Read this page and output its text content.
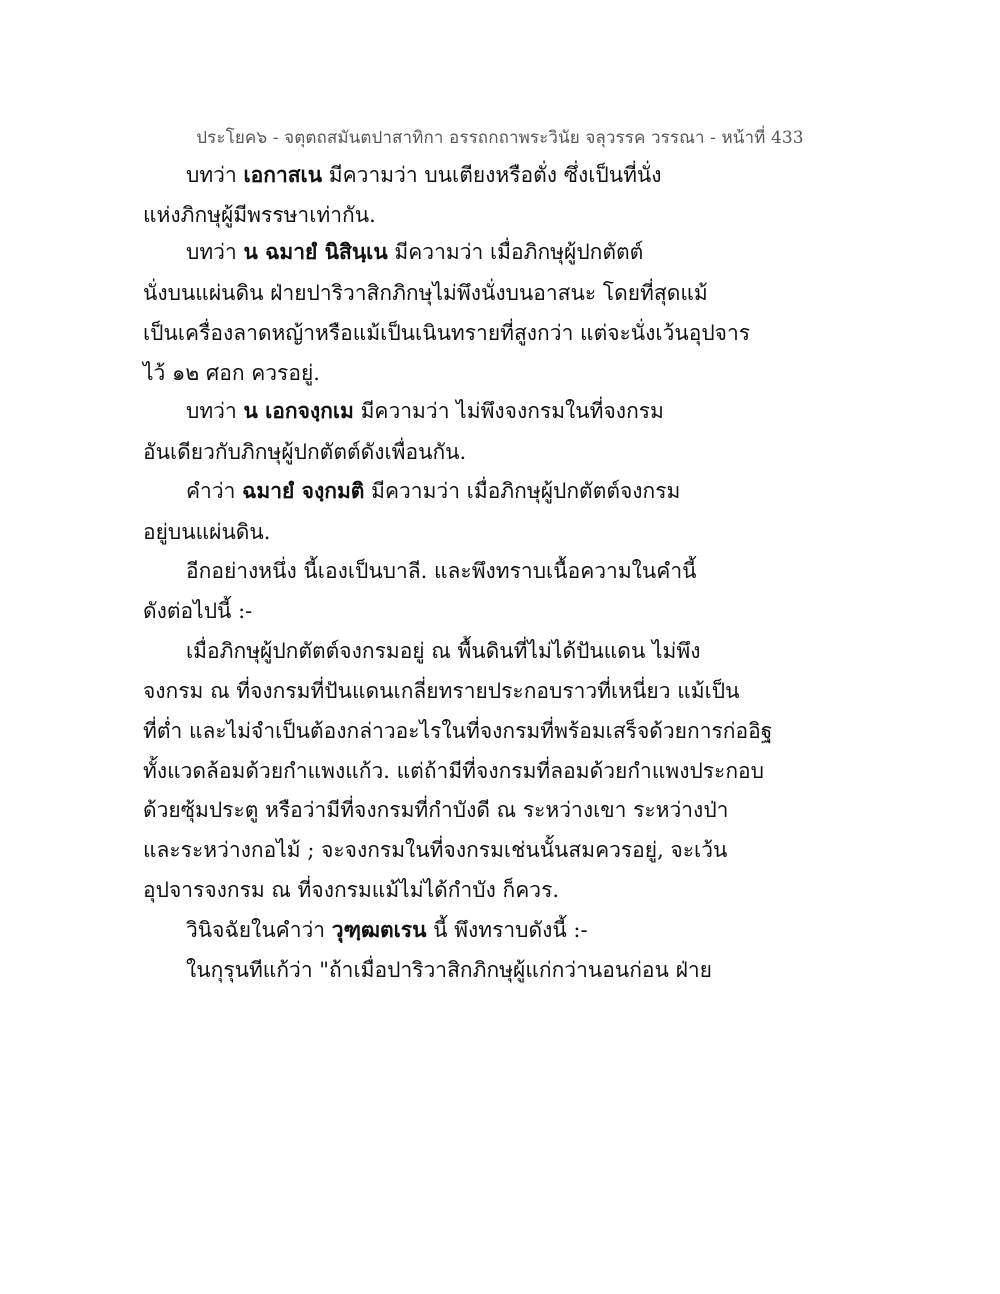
ประโยค๖ - จตุตถสมันตปาสาทิกา อรรถกถาพระวินัย จลุวรรค วรรณา - หน้าที่ 433
บทว่า เอกาสเน มีความว่า บนเตียงหรือตั่ง ซึ่งเป็นที่นั่ง
แห่งภิกษุผู้มีพรรษาเท่ากัน.
บทว่า น ฉมายํ นิสินฺเน มีความว่า เมื่อภิกษุผู้ปกตัตต์
นั่งบนแผ่นดิน ฝ่ายปาริวาสิกภิกษุไม่พึงนั่งบนอาสนะ โดยที่สุดแม้
เป็นเครื่องลาดหญ้าหรือแม้เป็นเนินทรายที่สูงกว่า แต่จะนั่งเว้นอุปจาร
ไว้ ๑๒ ศอก ควรอยู่.
บทว่า น เอกจงฺกเม มีความว่า ไม่พึงจงกรมในที่จงกรม
อันเดียวกับภิกษุผู้ปกตัตต์ดังเพื่อนกัน.
คำว่า ฉมายํ จงฺกมติ มีความว่า เมื่อภิกษุผู้ปกตัตต์จงกรม
อยู่บนแผ่นดิน.
อีกอย่างหนึ่ง นี้เองเป็นบาลี. และพึงทราบเนื้อความในคำนี้
ดังต่อไปนี้ :-
เมื่อภิกษุผู้ปกตัตต์จงกรมอยู่ ณ พื้นดินที่ไม่ได้ปันแดน ไม่พึง
จงกรม ณ ที่จงกรมที่ปันแดนเกลี่ยทรายประกอบราวที่เหนี่ยว แม้เป็น
ที่ต่ำ และไม่จำเป็นต้องกล่าวอะไรในที่จงกรมที่พร้อมเสร็จด้วยการก่ออิฐ
ทั้งแวดล้อมด้วยกำแพงแก้ว. แต่ถ้ามีที่จงกรมที่ลอมด้วยกำแพงประกอบ
ด้วยซุ้มประตู หรือว่ามีที่จงกรมที่กำบังดี ณ ระหว่างเขา ระหว่างป่า
และระหว่างกอไม้ ; จะจงกรมในที่จงกรมเช่นนั้นสมควรอยู่, จะเว้น
อุปจารจงกรม ณ ที่จงกรมแม้ไม่ได้กำบัง ก็ควร.
วินิจฉัยในคำว่า วุฑฺฒตเรน นี้ พึงทราบดังนี้ :-
ในกุรุนทีแก้ว่า "ถ้าเมื่อปาริวาสิกภิกษุผู้แก่กว่านอนก่อน ฝ่าย
